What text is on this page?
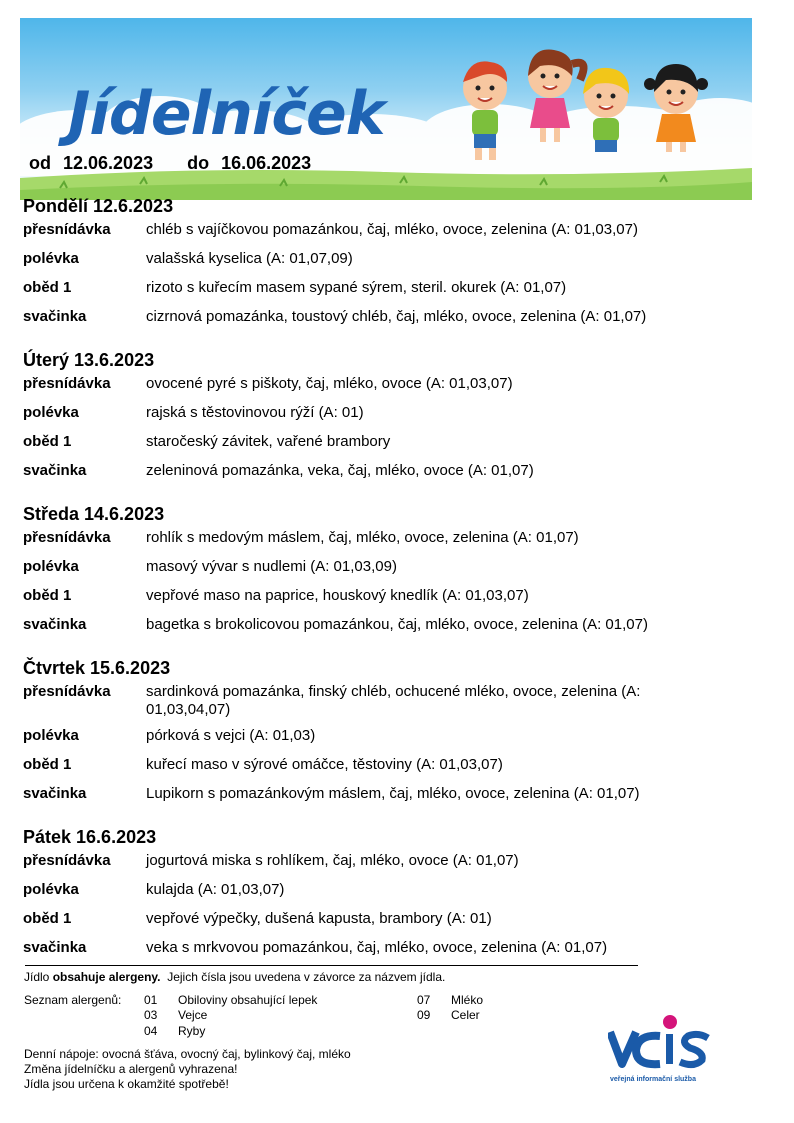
Jídelníček
od 12.06.2023 do 16.06.2023
Pondělí 12.6.2023
přesnídávka	chléb s vajíčkovou pomazánkou, čaj, mléko, ovoce, zelenina (A: 01,03,07)
polévka	valašská kyselica (A: 01,07,09)
oběd 1	rizoto s kuřecím masem sypané sýrem, steril. okurek (A: 01,07)
svačinka	cizrnová pomazánka, toustový chléb, čaj, mléko, ovoce, zelenina (A: 01,07)
Úterý 13.6.2023
přesnídávka	ovocené pyré s piškoty, čaj, mléko, ovoce (A: 01,03,07)
polévka	rajská s těstovinovou rýží (A: 01)
oběd 1	staročeský závitek, vařené brambory
svačinka	zeleninová pomazánka, veka, čaj, mléko, ovoce (A: 01,07)
Středa 14.6.2023
přesnídávka	rohlík s medovým máslem, čaj, mléko, ovoce, zelenina (A: 01,07)
polévka	masový vývar s nudlemi (A: 01,03,09)
oběd 1	vepřové maso na paprice, houskový knedlík (A: 01,03,07)
svačinka	bagetka s brokolicovou pomazánkou, čaj, mléko, ovoce, zelenina (A: 01,07)
Čtvrtek 15.6.2023
přesnídávka	sardinková pomazánka, finský chléb, ochucené mléko, ovoce, zelenina (A: 01,03,04,07)
polévka	pórková s vejci (A: 01,03)
oběd 1	kuřecí maso v sýrové omáčce, těstoviny (A: 01,03,07)
svačinka	Lupikorn s pomazánkovým máslem, čaj, mléko, ovoce, zelenina (A: 01,07)
Pátek 16.6.2023
přesnídávka	jogurtová miska s rohlíkem, čaj, mléko, ovoce (A: 01,07)
polévka	kulajda (A: 01,03,07)
oběd 1	vepřové výpečky, dušená kapusta, brambory (A: 01)
svačinka	veka s mrkvovou pomazánkou, čaj, mléko, ovoce, zelenina (A: 01,07)
Jídlo obsahuje alergeny. Jejich čísla jsou uvedena v závorce za názvem jídla.
Seznam alergenů: 01 Obiloviny obsahující lepek
03 Vejce
04 Ryby
07 Mléko
09 Celer
Denní nápoje: ovocná šťáva, ovocný čaj, bylinkový čaj, mléko
Změna jídelníčku a alergenů vyhrazena!
Jídla jsou určena k okamžité spotřebě!	veřejná informační služba
